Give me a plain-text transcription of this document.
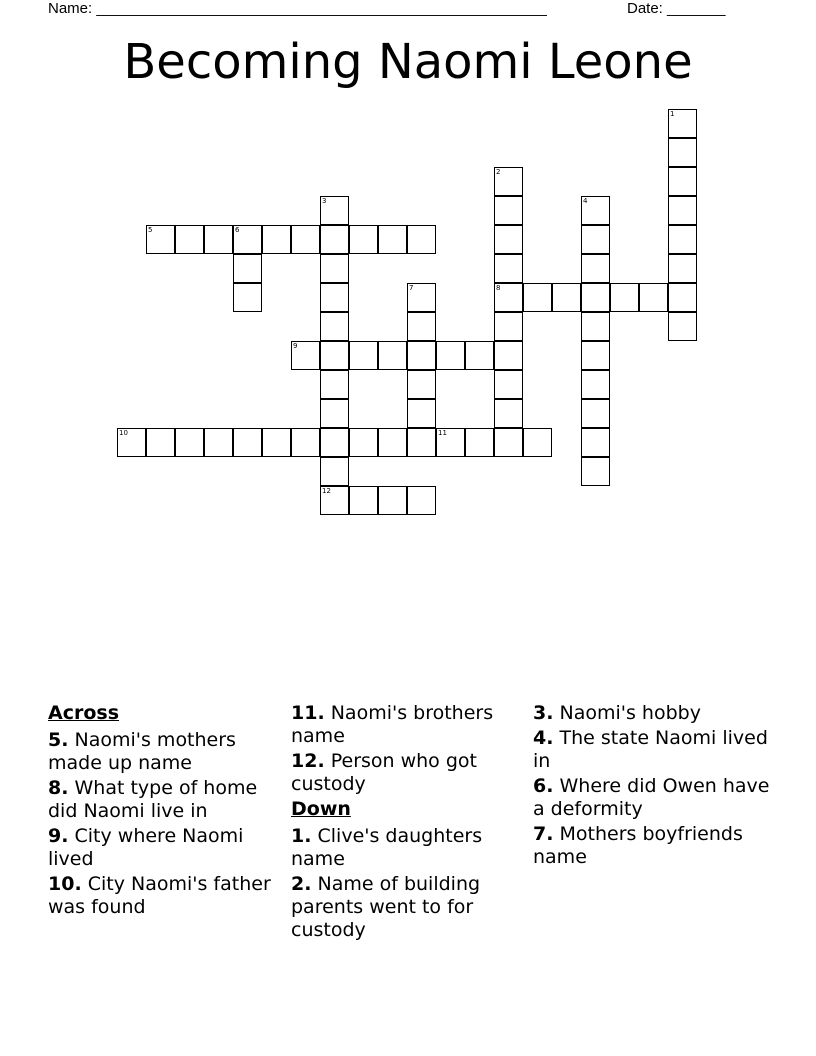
Name: ______________________________________________________	Date: _______
Becoming Naomi Leone
1
2
3	4
5	6
7	8
9
10	11
12
Across
5. Naomi's mothers made up name
8. What type of home did Naomi live in
9. City where Naomi lived
10. City Naomi's father was found
11. Naomi's brothers name
12. Person who got custody
Down
1. Clive's daughters name
2. Name of building parents went to for custody
3. Naomi's hobby
4. The state Naomi lived in
6. Where did Owen have a deformity
7. Mothers boyfriends name
